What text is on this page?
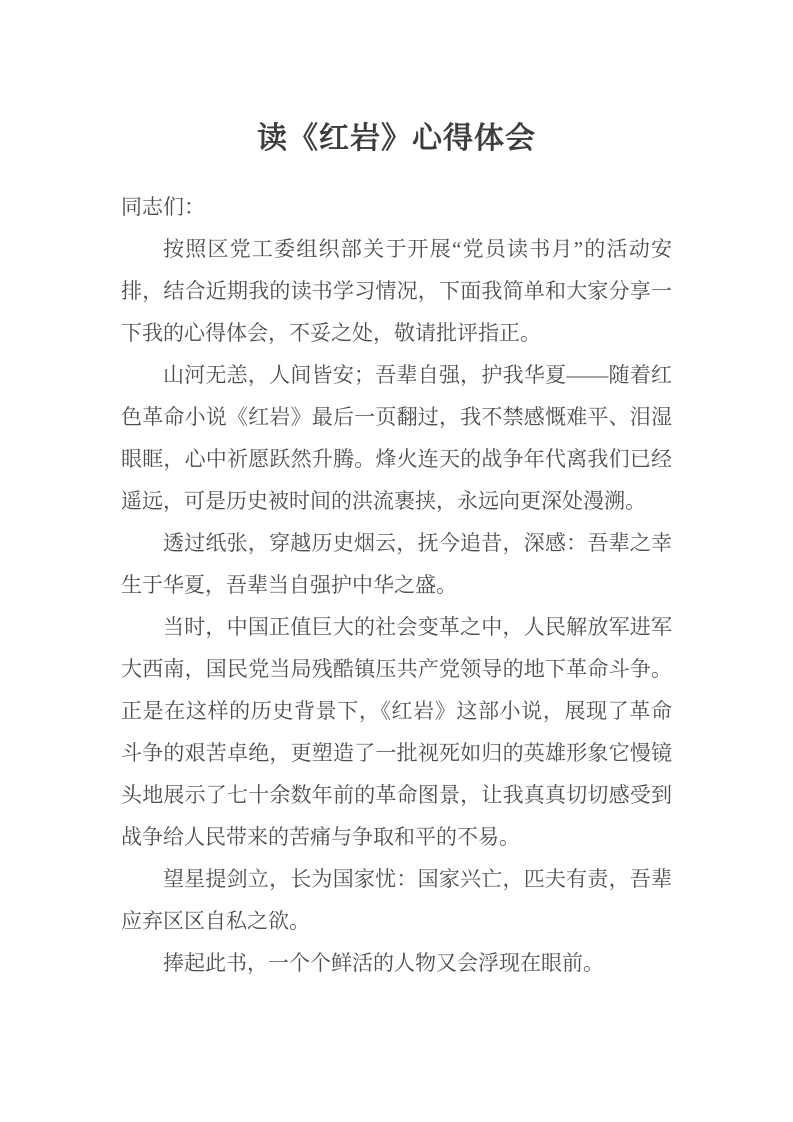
读《红岩》心得体会

同志们：

按照区党工委组织部关于开展“党员读书月”的活动安排，结合近期我的读书学习情况，下面我简单和大家分享一下我的心得体会，不妥之处，敬请批评指正。

山河无恙，人间皆安；吾辈自强，护我华夏——随着红色革命小说《红岩》最后一页翻过，我不禁感慨难平、泪湿眼眶，心中祈愿跃然升腾。烽火连天的战争年代离我们已经遥远，可是历史被时间的洪流裹挟，永远向更深处漫溯。

透过纸张，穿越历史烟云，抚今追昔，深感：吾辈之幸生于华夏，吾辈当自强护中华之盛。

当时，中国正值巨大的社会变革之中，人民解放军进军大西南，国民党当局残酷镇压共产党领导的地下革命斗争。正是在这样的历史背景下，《红岩》这部小说，展现了革命斗争的艰苦卓绝，更塑造了一批视死如归的英雄形象它慢镜头地展示了七十余数年前的革命图景，让我真真切切感受到战争给人民带来的苦痛与争取和平的不易。

望星提剑立，长为国家忧：国家兴亡，匹夫有责，吾辈应弃区区自私之欲。

捧起此书，一个个鲜活的人物又会浮现在眼前。
